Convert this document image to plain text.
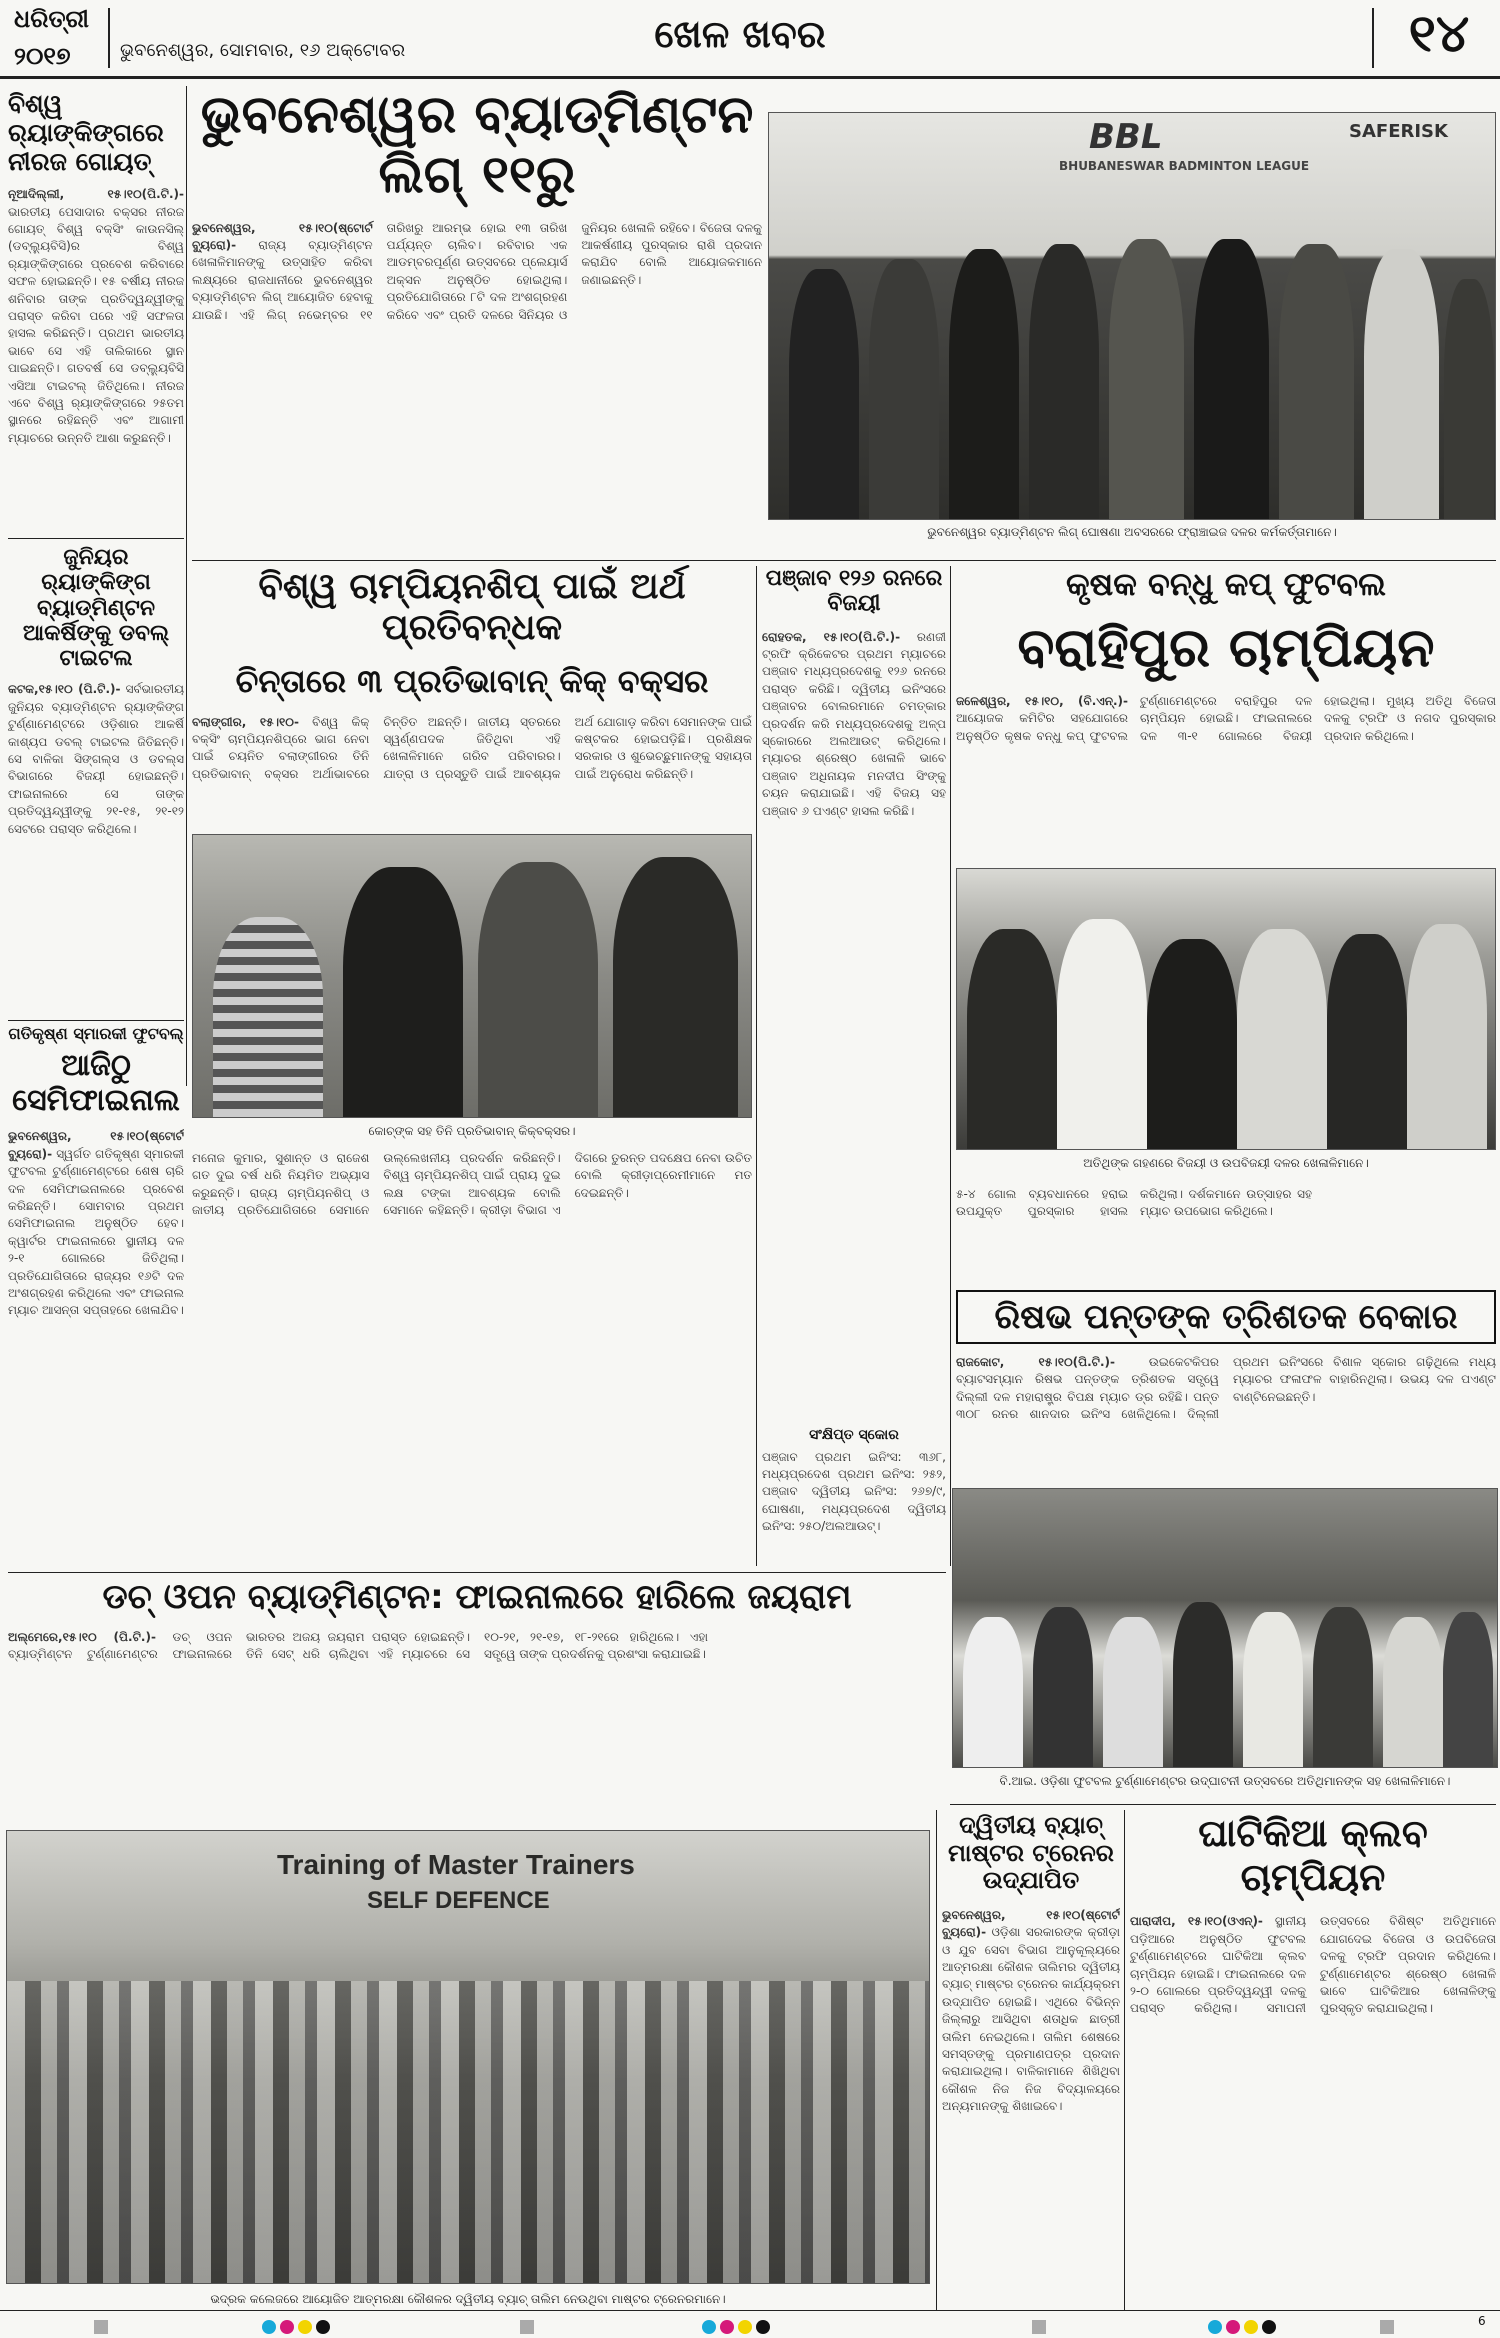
ଧରିତ୍ରୀ
୨୦୧୭	ଭୁବନେଶ୍ୱର, ସୋମବାର, ୧୬ ଅକ୍ଟୋବର	ଖେଳ ଖବର	୧୪
ବିଶ୍ୱ ର‌୍ୟାଙ୍କିଙ୍ଗରେ ନୀରଜ ଗୋୟତ୍
ନୂଆଦିଲ୍ଲୀ, ୧୫।୧୦(ପି.ଟି.)- ଭାରତୀୟ ପେସାଦାର ବକ୍ସର ନୀରଜ ଗୋୟତ୍ ବିଶ୍ୱ ବକ୍ସିଂ କାଉନସିଲ୍ (ଡବ୍ଲ୍ୟୁବିସି)ର ବିଶ୍ୱ ର‌୍ୟାଙ୍କିଙ୍ଗରେ ପ୍ରବେଶ କରିବାରେ ସଫଳ ହୋଇଛନ୍ତି। ୧୫ ବର୍ଷୀୟ ନୀରଜ ଶନିବାର ତାଙ୍କ ପ୍ରତିଦ୍ୱନ୍ଦ୍ୱୀଙ୍କୁ ପରାସ୍ତ କରିବା ପରେ ଏହି ସଫଳତା ହାସଲ କରିଛନ୍ତି। ପ୍ରଥମ ଭାରତୀୟ ଭାବେ ସେ ଏହି ତାଲିକାରେ ସ୍ଥାନ ପାଇଛନ୍ତି। ଗତବର୍ଷ ସେ ଡବ୍ଲ୍ୟୁବିସି ଏସିଆ ଟାଇଟଲ୍ ଜିତିଥିଲେ। ନୀରଜ ଏବେ ବିଶ୍ୱ ର‌୍ୟାଙ୍କିଙ୍ଗରେ ୨୫ତମ ସ୍ଥାନରେ ରହିଛନ୍ତି ଏବଂ ଆଗାମୀ ମ୍ୟାଚରେ ଉନ୍ନତି ଆଶା କରୁଛନ୍ତି।
ଜୁନିୟର ର‌୍ୟାଙ୍କିଙ୍ଗ ବ୍ୟାଡ୍‌ମିଣ୍ଟନ ଆକର୍ଷିଙ୍କୁ ଡବଲ୍ ଟାଇଟଲ
କଟକ,୧୫।୧୦ (ପି.ଟି.)- ସର୍ବଭାରତୀୟ ଜୁନିୟର ବ୍ୟାଡ୍‌ମିଣ୍ଟନ ର‌୍ୟାଙ୍କିଙ୍ଗ ଟୁର୍ଣ୍ଣାମେଣ୍ଟରେ ଓଡ଼ିଶାର ଆକର୍ଷି କାଶ୍ୟପ ଡବଲ୍ ଟାଇଟଲ ଜିତିଛନ୍ତି। ସେ ବାଳିକା ସିଙ୍ଗଲ୍ସ ଓ ଡବଲ୍ସ ବିଭାଗରେ ବିଜୟୀ ହୋଇଛନ୍ତି। ଫାଇନାଲରେ ସେ ତାଙ୍କ ପ୍ରତିଦ୍ୱନ୍ଦ୍ୱୀଙ୍କୁ ୨୧-୧୫, ୨୧-୧୨ ସେଟରେ ପରାସ୍ତ କରିଥିଲେ।
ଗତିକୃଷ୍ଣ ସ୍ମାରକୀ ଫୁଟବଲ୍
ଆଜିଠୁ ସେମିଫାଇନାଲ
ଭୁବନେଶ୍ୱର, ୧୫।୧୦(ଷ୍ଟୋର୍ଟ ବ୍ୟୁରୋ)- ସ୍ୱର୍ଗତ ଗତିକୃଷ୍ଣ ସ୍ମାରକୀ ଫୁଟବଲ ଟୁର୍ଣ୍ଣାମେଣ୍ଟରେ ଶେଷ ଚାରି ଦଳ ସେମିଫାଇନାଲରେ ପ୍ରବେଶ କରିଛନ୍ତି। ସୋମବାର ପ୍ରଥମ ସେମିଫାଇନାଲ ଅନୁଷ୍ଠିତ ହେବ। କ୍ୱାର୍ଟର ଫାଇନାଲରେ ସ୍ଥାନୀୟ ଦଳ ୨-୧ ଗୋଲରେ ଜିତିଥିଲା। ପ୍ରତିଯୋଗିତାରେ ରାଜ୍ୟର ୧୬ଟି ଦଳ ଅଂଶଗ୍ରହଣ କରିଥିଲେ ଏବଂ ଫାଇନାଲ ମ୍ୟାଚ ଆସନ୍ତା ସପ୍ତାହରେ ଖେଳାଯିବ।
ଭୁବନେଶ୍ୱର ବ୍ୟାଡ୍‌ମିଣ୍ଟନ ଲିଗ୍ ୧୧ରୁ
ଭୁବନେଶ୍ୱର, ୧୫।୧୦(ଷ୍ଟୋର୍ଟ ବ୍ୟୁରୋ)- ରାଜ୍ୟ ବ୍ୟାଡ୍‌ମିଣ୍ଟନ ଖେଳାଳିମାନଙ୍କୁ ଉତ୍ସାହିତ କରିବା ଲକ୍ଷ୍ୟରେ ରାଜଧାନୀରେ ଭୁବନେଶ୍ୱର ବ୍ୟାଡ୍‌ମିଣ୍ଟନ ଲିଗ୍ ଆୟୋଜିତ ହେବାକୁ ଯାଉଛି। ଏହି ଲିଗ୍ ନଭେମ୍ବର ୧୧ ତାରିଖରୁ ଆରମ୍ଭ ହୋଇ ୧୩ ତାରିଖ ପର୍ଯ୍ୟନ୍ତ ଚାଲିବ। ରବିବାର ଏକ ଆଡମ୍ବରପୂର୍ଣ୍ଣ ଉତ୍ସବରେ ପ୍ଲେୟାର୍ସ ଅକ୍ସନ ଅନୁଷ୍ଠିତ ହୋଇଥିଲା। ପ୍ରତିଯୋଗିତାରେ ୮ଟି ଦଳ ଅଂଶଗ୍ରହଣ କରିବେ ଏବଂ ପ୍ରତି ଦଳରେ ସିନିୟର ଓ ଜୁନିୟର ଖେଳାଳି ରହିବେ। ବିଜେତା ଦଳକୁ ଆକର୍ଷଣୀୟ ପୁରସ୍କାର ରାଶି ପ୍ରଦାନ କରାଯିବ ବୋଲି ଆୟୋଜକମାନେ ଜଣାଇଛନ୍ତି।
BBL
BHUBANESWAR BADMINTON LEAGUE
SAFERISK
ଭୁବନେଶ୍ୱର ବ୍ୟାଡ୍‌ମିଣ୍ଟନ ଲିଗ୍ ଘୋଷଣା ଅବସରରେ ଫ୍ରାଞ୍ଚାଇଜ ଦଳର କର୍ମକର୍ତ୍ତାମାନେ।
ବିଶ୍ୱ ଚାମ୍ପିୟନଶିପ୍ ପାଇଁ ଅର୍ଥ ପ୍ରତିବନ୍ଧକ
ଚିନ୍ତାରେ ୩ ପ୍ରତିଭାବାନ୍ କିକ୍ ବକ୍ସର
ବଲାଙ୍ଗୀର, ୧୫।୧୦- ବିଶ୍ୱ କିକ୍ ବକ୍ସିଂ ଚାମ୍ପିୟନଶିପ୍‌ରେ ଭାଗ ନେବା ପାଇଁ ଚୟନିତ ବଲାଙ୍ଗୀରର ତିନି ପ୍ରତିଭାବାନ୍ ବକ୍ସର ଅର୍ଥାଭାବରେ ଚିନ୍ତିତ ଅଛନ୍ତି। ଜାତୀୟ ସ୍ତରରେ ସ୍ୱର୍ଣ୍ଣପଦକ ଜିତିଥିବା ଏହି ଖେଳାଳିମାନେ ଗରିବ ପରିବାରର। ଯାତ୍ରା ଓ ପ୍ରସ୍ତୁତି ପାଇଁ ଆବଶ୍ୟକ ଅର୍ଥ ଯୋଗାଡ଼ କରିବା ସେମାନଙ୍କ ପାଇଁ କଷ୍ଟକର ହୋଇପଡ଼ିଛି। ପ୍ରଶିକ୍ଷକ ସରକାର ଓ ଶୁଭେଚ୍ଛୁମାନଙ୍କୁ ସହାୟତା ପାଇଁ ଅନୁରୋଧ କରିଛନ୍ତି।
କୋଚ୍‌ଙ୍କ ସହ ତିନି ପ୍ରତିଭାବାନ୍ କିକ୍‌ବକ୍ସର।
ମନୋଜ କୁମାର, ସୁଶାନ୍ତ ଓ ରାଜେଶ ଗତ ଦୁଇ ବର୍ଷ ଧରି ନିୟମିତ ଅଭ୍ୟାସ କରୁଛନ୍ତି। ରାଜ୍ୟ ଚାମ୍ପିୟନଶିପ୍ ଓ ଜାତୀୟ ପ୍ରତିଯୋଗିତାରେ ସେମାନେ ଉଲ୍ଲେଖନୀୟ ପ୍ରଦର୍ଶନ କରିଛନ୍ତି। ବିଶ୍ୱ ଚାମ୍ପିୟନଶିପ୍ ପାଇଁ ପ୍ରାୟ ଦୁଇ ଲକ୍ଷ ଟଙ୍କା ଆବଶ୍ୟକ ବୋଲି ସେମାନେ କହିଛନ୍ତି। କ୍ରୀଡ଼ା ବିଭାଗ ଏ ଦିଗରେ ତୁରନ୍ତ ପଦକ୍ଷେପ ନେବା ଉଚିତ ବୋଲି କ୍ରୀଡ଼ାପ୍ରେମୀମାନେ ମତ ଦେଇଛନ୍ତି।
ପଞ୍ଜାବ ୧୨୬ ରନରେ ବିଜୟୀ
ରୋହତକ, ୧୫।୧୦(ପି.ଟି.)- ରଣଜୀ ଟ୍ରଫି କ୍ରିକେଟର ପ୍ରଥମ ମ୍ୟାଚରେ ପଞ୍ଜାବ ମଧ୍ୟପ୍ରଦେଶକୁ ୧୨୬ ରନରେ ପରାସ୍ତ କରିଛି। ଦ୍ୱିତୀୟ ଇନିଂସରେ ପଞ୍ଜାବର ବୋଲରମାନେ ଚମତ୍କାର ପ୍ରଦର୍ଶନ କରି ମଧ୍ୟପ୍ରଦେଶକୁ ଅଳ୍ପ ସ୍କୋରରେ ଅଲଆଉଟ୍ କରିଥିଲେ। ମ୍ୟାଚର ଶ୍ରେଷ୍ଠ ଖେଳାଳି ଭାବେ ପଞ୍ଜାବ ଅଧିନାୟକ ମନଦୀପ ସିଂଙ୍କୁ ଚୟନ କରାଯାଇଛି। ଏହି ବିଜୟ ସହ ପଞ୍ଜାବ ୬ ପଏଣ୍ଟ ହାସଲ କରିଛି।
ସଂକ୍ଷିପ୍ତ ସ୍କୋର
ପଞ୍ଜାବ ପ୍ରଥମ ଇନିଂସ: ୩୬୮, ମଧ୍ୟପ୍ରଦେଶ ପ୍ରଥମ ଇନିଂସ: ୨୫୨, ପଞ୍ଜାବ ଦ୍ୱିତୀୟ ଇନିଂସ: ୨୬୭/୯, ଘୋଷଣା, ମଧ୍ୟପ୍ରଦେଶ ଦ୍ୱିତୀୟ ଇନିଂସ: ୨୫୦/ଅଲଆଉଟ୍।
କୃଷକ ବନ୍ଧୁ କପ୍ ଫୁଟବଲ
ବରାହିପୁର ଚାମ୍ପିୟନ
ଜଳେଶ୍ୱର, ୧୫।୧୦, (ବି.ଏନ୍.)- ଆୟୋଜକ କମିଟିର ସହଯୋଗରେ ଅନୁଷ୍ଠିତ କୃଷକ ବନ୍ଧୁ କପ୍ ଫୁଟବଲ ଟୁର୍ଣ୍ଣାମେଣ୍ଟରେ ବରାହିପୁର ଦଳ ଚାମ୍ପିୟନ ହୋଇଛି। ଫାଇନାଲରେ ଦଳ ୩-୧ ଗୋଲରେ ବିଜୟୀ ହୋଇଥିଲା। ମୁଖ୍ୟ ଅତିଥି ବିଜେତା ଦଳକୁ ଟ୍ରଫି ଓ ନଗଦ ପୁରସ୍କାର ପ୍ରଦାନ କରିଥିଲେ।
ଅତିଥିଙ୍କ ଗହଣରେ ବିଜୟୀ ଓ ଉପବିଜୟୀ ଦଳର ଖେଳାଳିମାନେ।
୫-୪ ଗୋଲ ବ୍ୟବଧାନରେ ହରାଇ ଉପଯୁକ୍ତ ପୁରସ୍କାର ହାସଲ କରିଥିଲା। ଦର୍ଶକମାନେ ଉତ୍ସାହର ସହ ମ୍ୟାଚ ଉପଭୋଗ କରିଥିଲେ।
ରିଷଭ ପନ୍ତଙ୍କ ତ୍ରିଶତକ ବେକାର
ରାଜକୋଟ, ୧୫।୧୦(ପି.ଟି.)-	ଉଇକେଟକିପର ବ୍ୟାଟସମ୍ୟାନ ରିଷଭ ପନ୍ତଙ୍କ ତ୍ରିଶତକ ସତ୍ତ୍ୱେ ଦିଲ୍ଲୀ ଦଳ ମହାରାଷ୍ଟ୍ର ବିପକ୍ଷ ମ୍ୟାଚ ଡ୍ର ରହିଛି। ପନ୍ତ ୩୦୮ ରନର ଶାନଦାର ଇନିଂସ ଖେଳିଥିଲେ। ଦିଲ୍ଲୀ ପ୍ରଥମ ଇନିଂସରେ ବିଶାଳ ସ୍କୋର ଗଢ଼ିଥିଲେ ମଧ୍ୟ ମ୍ୟାଚର ଫଳାଫଳ ବାହାରିନଥିଲା। ଉଭୟ ଦଳ ପଏଣ୍ଟ ବାଣ୍ଟିନେଇଛନ୍ତି।
ବି.ଆଇ. ଓଡ଼ିଶା ଫୁଟବଲ ଟୁର୍ଣ୍ଣାମେଣ୍ଟର ଉଦ୍‌ଘାଟନୀ ଉତ୍ସବରେ ଅତିଥିମାନଙ୍କ ସହ ଖେଳାଳିମାନେ।
ଡଚ୍ ଓପନ ବ୍ୟାଡ୍‌ମିଣ୍ଟନ: ଫାଇନାଲରେ ହାରିଲେ ଜୟରାମ
ଅଲ୍‌ମେରେ,୧୫।୧୦ (ପି.ଟି.)- ଡଚ୍ ଓପନ ବ୍ୟାଡ୍‌ମିଣ୍ଟନ ଟୁର୍ଣ୍ଣାମେଣ୍ଟର ଫାଇନାଲରେ ଭାରତର ଅଜୟ ଜୟରାମ ପରାସ୍ତ ହୋଇଛନ୍ତି। ତିନି ସେଟ୍ ଧରି ଚାଲିଥିବା ଏହି ମ୍ୟାଚରେ ସେ ୧୦-୨୧, ୨୧-୧୭, ୧୮-୨୧ରେ ହାରିଥିଲେ। ଏହା ସତ୍ତ୍ୱେ ତାଙ୍କ ପ୍ରଦର୍ଶନକୁ ପ୍ରଶଂସା କରାଯାଇଛି।
Training of Master Trainers
SELF DEFENCE
ଭଦ୍ରକ କଲେଜରେ ଆୟୋଜିତ ଆତ୍ମରକ୍ଷା କୌଶଳର ଦ୍ୱିତୀୟ ବ୍ୟାଚ୍ ତାଲିମ ନେଉଥିବା ମାଷ୍ଟର ଟ୍ରେନରମାନେ।
ଦ୍ୱିତୀୟ ବ୍ୟାଚ୍ ମାଷ୍ଟର ଟ୍ରେନର ଉଦ୍‌ଯାପିତ
ଭୁବନେଶ୍ୱର, ୧୫।୧୦(ଷ୍ଟୋର୍ଟ ବ୍ୟୁରୋ)- ଓଡ଼ିଶା ସରକାରଙ୍କ କ୍ରୀଡ଼ା ଓ ଯୁବ ସେବା ବିଭାଗ ଆନୁକୂଲ୍ୟରେ ଆତ୍ମରକ୍ଷା କୌଶଳ ତାଲିମର ଦ୍ୱିତୀୟ ବ୍ୟାଚ୍ ମାଷ୍ଟର ଟ୍ରେନର କାର୍ଯ୍ୟକ୍ରମ ଉଦ୍‌ଯାପିତ ହୋଇଛି। ଏଥିରେ ବିଭିନ୍ନ ଜିଲ୍ଲାରୁ ଆସିଥିବା ଶତାଧିକ ଛାତ୍ରୀ ତାଲିମ ନେଇଥିଲେ। ତାଲିମ ଶେଷରେ ସମସ୍ତଙ୍କୁ ପ୍ରମାଣପତ୍ର ପ୍ରଦାନ କରାଯାଇଥିଲା। ବାଳିକାମାନେ ଶିଖିଥିବା କୌଶଳ ନିଜ ନିଜ ବିଦ୍ୟାଳୟରେ ଅନ୍ୟମାନଙ୍କୁ ଶିଖାଇବେ।
ଘାଟିକିଆ କ୍ଲବ ଚାମ୍ପିୟନ
ପାରାଦୀପ, ୧୫।୧୦(ଓଏନ୍)- ସ୍ଥାନୀୟ ପଡ଼ିଆରେ ଅନୁଷ୍ଠିତ ଫୁଟବଲ ଟୁର୍ଣ୍ଣାମେଣ୍ଟରେ ଘାଟିକିଆ କ୍ଲବ ଚାମ୍ପିୟନ ହୋଇଛି। ଫାଇନାଲରେ ଦଳ ୨-୦ ଗୋଲରେ ପ୍ରତିଦ୍ୱନ୍ଦ୍ୱୀ ଦଳକୁ ପରାସ୍ତ କରିଥିଲା। ସମାପନୀ ଉତ୍ସବରେ ବିଶିଷ୍ଟ ଅତିଥିମାନେ ଯୋଗଦେଇ ବିଜେତା ଓ ଉପବିଜେତା ଦଳକୁ ଟ୍ରଫି ପ୍ରଦାନ କରିଥିଲେ। ଟୁର୍ଣ୍ଣାମେଣ୍ଟର ଶ୍ରେଷ୍ଠ ଖେଳାଳି ଭାବେ ଘାଟିକିଆର ଖେଳାଳିଙ୍କୁ ପୁରସ୍କୃତ କରାଯାଇଥିଲା।
6
